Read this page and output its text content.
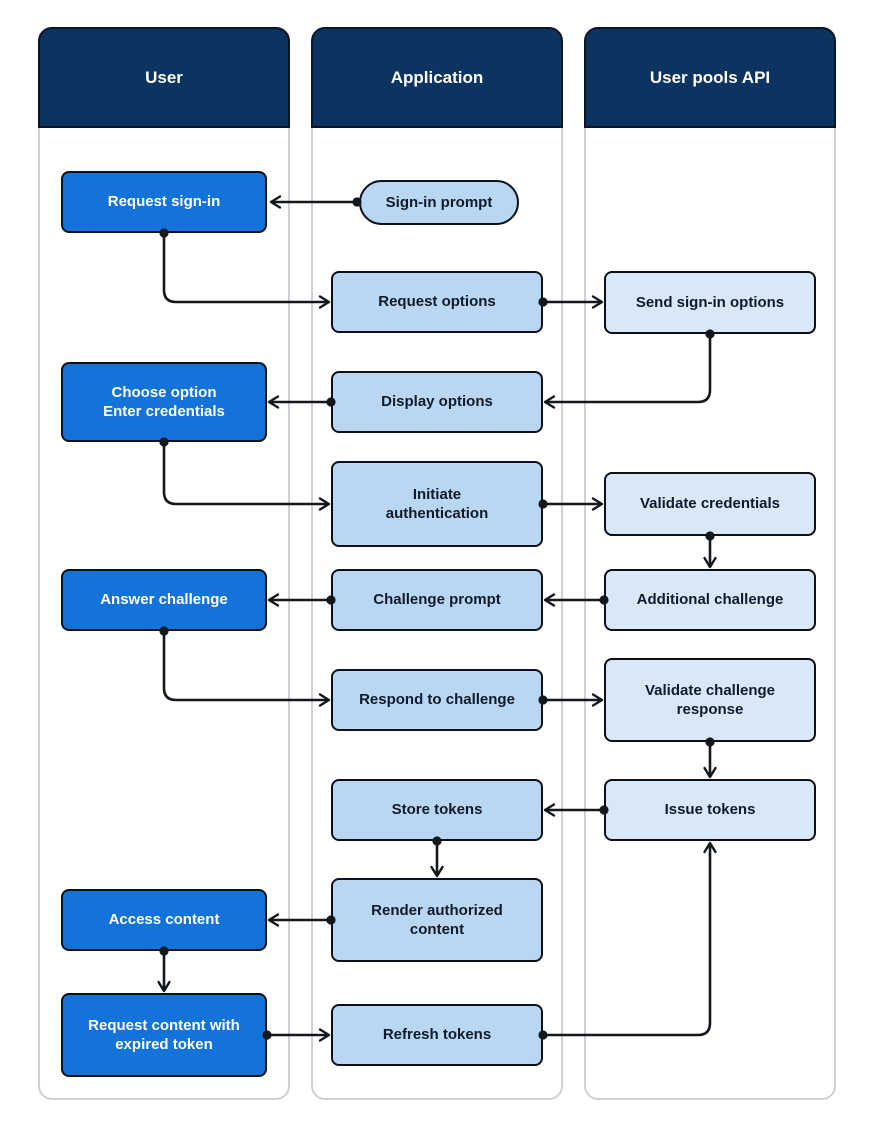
User	Application	User pools API
Request sign-in
Choose option
Enter credentials
Answer challenge
Access content
Request content with
expired token
Sign-in prompt
Request options
Display options
Initiate
authentication
Challenge prompt
Respond to challenge
Store tokens
Render authorized
content
Refresh tokens
Send sign-in options
Validate credentials
Additional challenge
Validate challenge
response
Issue tokens
